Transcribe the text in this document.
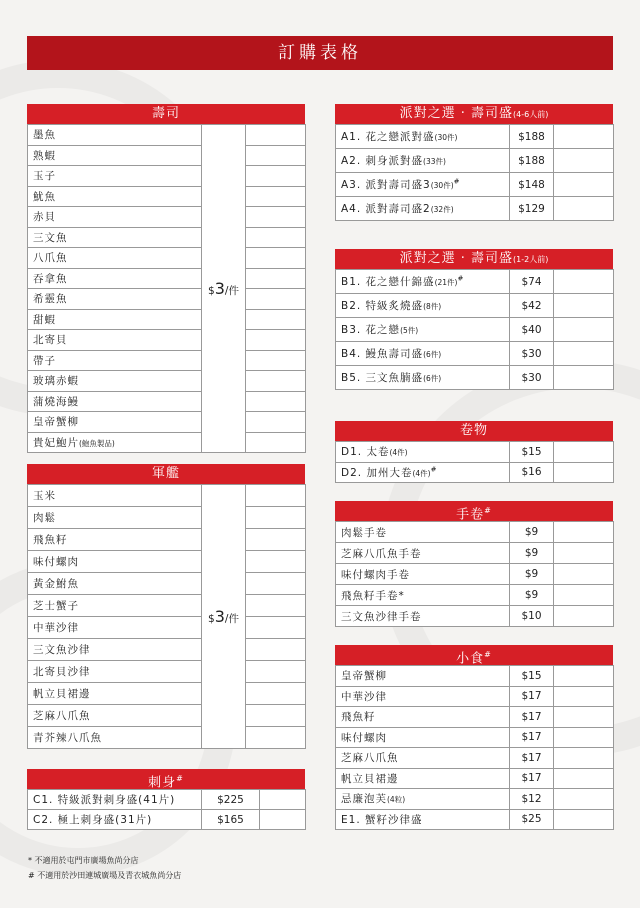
訂購表格
壽司
墨魚	$3/件	
熟蝦		
玉子		
魷魚		
赤貝		
三文魚		
八爪魚		
吞拿魚		
希靈魚		
甜蝦		
北寄貝		
帶子		
玻璃赤蝦		
蒲燒海鰻		
皇帝蟹柳		
貴妃鮑片(鮑魚製品)		
軍艦
玉米	$3/件	
肉鬆		
飛魚籽		
味付螺肉		
黃金鮒魚		
芝士蟹子		
中華沙律		
三文魚沙律		
北寄貝沙律		
帆立貝裙邊		
芝麻八爪魚		
青芥辣八爪魚		
刺身#
C1. 特級派對刺身盛(41片)	$225	
C2. 極上刺身盛(31片)	$165	
派對之選 · 壽司盛(4-6人前)
A1. 花之戀派對盛(30件)	$188	
A2. 刺身派對盛(33件)	$188	
A3. 派對壽司盛3(30件)#	$148	
A4. 派對壽司盛2(32件)	$129	
派對之選 · 壽司盛(1-2人前)
B1. 花之戀什錦盛(21件)#	$74	
B2. 特級炙燒盛(8件)	$42	
B3. 花之戀(5件)	$40	
B4. 鰻魚壽司盛(6件)	$30	
B5. 三文魚腩盛(6件)	$30	
卷物
D1. 太卷(4件)	$15	
D2. 加州大卷(4件)#	$16	
手卷#
肉鬆手卷	$9	
芝麻八爪魚手卷	$9	
味付螺肉手卷	$9	
飛魚籽手卷*	$9	
三文魚沙律手卷	$10	
小食#
皇帝蟹柳	$15	
中華沙律	$17	
飛魚籽	$17	
味付螺肉	$17	
芝麻八爪魚	$17	
帆立貝裙邊	$17	
忌廉泡芙(4粒)	$12	
E1. 蟹籽沙律盛	$25	
* 不適用於屯門市廣場魚尚分店
# 不適用於沙田連城廣場及青衣城魚尚分店
